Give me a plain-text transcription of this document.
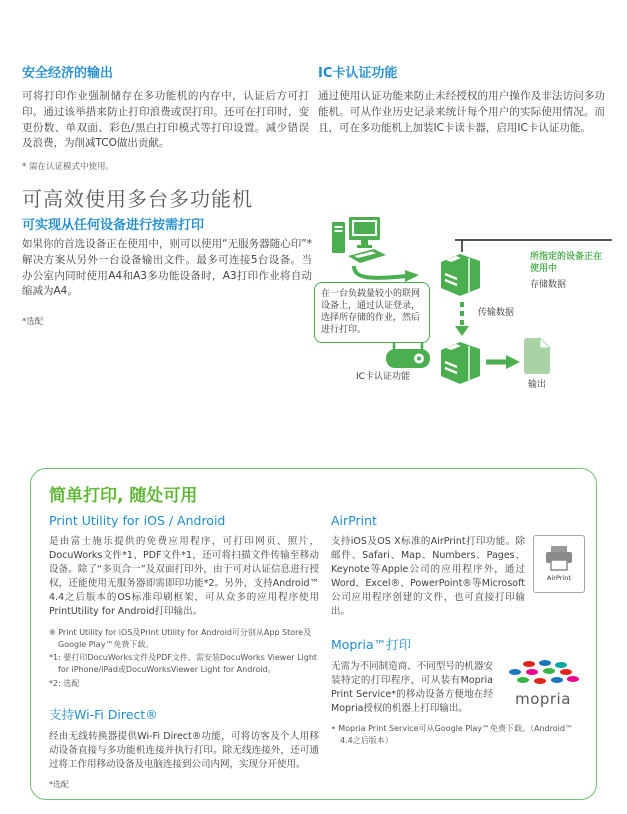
安全经济的输出

可将打印作业强制储存在多功能机的内存中，认证后方可打印。通过该举措来防止打印浪费或误打印。还可在打印时，变更份数、单双面、彩色/黑白打印模式等打印设置。减少错误及浪费，为削减TCO做出贡献。

* 需在认证模式中使用。
IC卡认证功能

通过使用认证功能来防止未经授权的用户操作及非法访问多功能机。可从作业历史记录来统计每个用户的实际使用情况。而且，可在多功能机上加装IC卡读卡器，启用IC卡认证功能。

可高效使用多台多功能机
可实现从任何设备进行按需打印

如果你的首选设备正在使用中，则可以使用“无服务器随心印”*解决方案从另外一台设备输出文件。最多可连接5台设备。当办公室内同时使用A4和A3多功能设备时，A3打印作业将自动缩减为A4。

*选配
所指定的设备正在使用中
存储数据
传输数据
在一台负载量较小的联网设备上，通过认证登录，选择所存储的作业，然后进行打印。
IC卡认证功能
输出
简单打印, 随处可用
Print Utility for iOS / Android

是由富士施乐提供的免费应用程序，可打印网页、照片，DocuWorks文件*1、PDF文件*1，还可将扫描文件传输至移动设备。除了“多页合一”及双面打印外，由于可对认证信息进行授权，还能使用无服务器即需即印功能*2。另外，支持Android™ 4.4之后版本的OS标准印刷框架，可从众多的应用程序使用PrintUtility for Android打印输出。

※ Print Utility for iOS及Print Utility for Android可分别从App Store及Google Play™免费下载。
*1: 要打印DocuWorks文件及PDF文件，需安装DocuWorks Viewer Light for iPhone/iPad或DocuWorksViewer Light for Android。
*2: 选配
支持Wi-Fi Direct®

经由无线转换器提供Wi-Fi Direct®功能，可将访客及个人用移动设备直接与多功能机连接并执行打印。除无线连接外，还可通过将工作用移动设备及电脑连接到公司内网，实现分开使用。

*选配
AirPrint
AirPrint

支持iOS及OS X标准的AirPrint打印功能。除邮件、Safari、Map、Numbers、Pages、Keynote等Apple公司的应用程序外，通过Word、Excel®、PowerPoint®等Microsoft公司应用程序创建的文件，也可直接打印输出。

Mopria™打印
mopria

无需为不同制造商、不同型号的机器安装特定的打印程序，可从装有Mopria Print Service*的移动设备方便地在经Mopria授权的机器上打印输出。

• Mopria Print Service可从Google Play™免费下载。（Android™ 4.4之后版本）
